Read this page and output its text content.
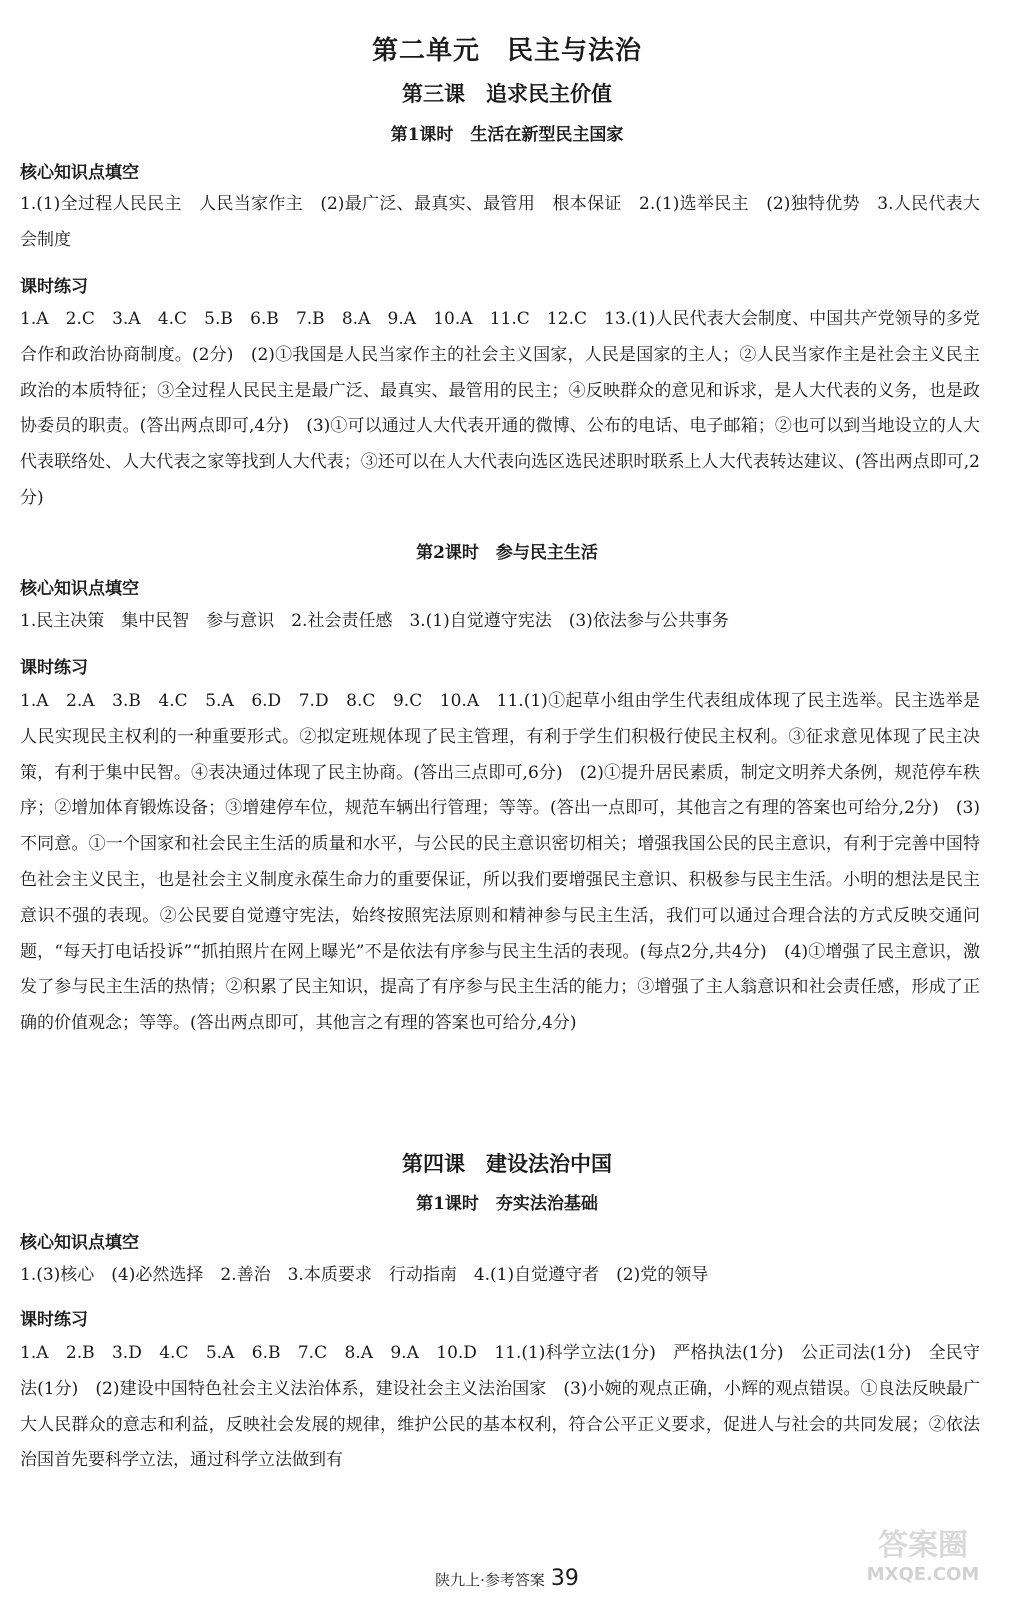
第二单元　民主与法治
第三课　追求民主价值
第1课时　生活在新型民主国家
核心知识点填空
1.(1)全过程人民民主　人民当家作主　(2)最广泛、最真实、最管用　根本保证　2.(1)选举民主　(2)独特优势　3.人民代表大会制度
课时练习
1.A　2.C　3.A　4.C　5.B　6.B　7.B　8.A　9.A　10.A　11.C　12.C　13.(1)人民代表大会制度、中国共产党领导的多党合作和政治协商制度。(2分)　(2)①我国是人民当家作主的社会主义国家，人民是国家的主人；②人民当家作主是社会主义民主政治的本质特征；③全过程人民民主是最广泛、最真实、最管用的民主；④反映群众的意见和诉求，是人大代表的义务，也是政协委员的职责。(答出两点即可,4分)　(3)①可以通过人大代表开通的微博、公布的电话、电子邮箱；②也可以到当地设立的人大代表联络处、人大代表之家等找到人大代表；③还可以在人大代表向选区选民述职时联系上人大代表转达建议、(答出两点即可,2分)
第2课时　参与民主生活
核心知识点填空
1.民主决策　集中民智　参与意识　2.社会责任感　3.(1)自觉遵守宪法　(3)依法参与公共事务
课时练习
1.A　2.A　3.B　4.C　5.A　6.D　7.D　8.C　9.C　10.A　11.(1)①起草小组由学生代表组成体现了民主选举。民主选举是人民实现民主权利的一种重要形式。②拟定班规体现了民主管理，有利于学生们积极行使民主权利。③征求意见体现了民主决策，有利于集中民智。④表决通过体现了民主协商。(答出三点即可,6分)　(2)①提升居民素质，制定文明养犬条例，规范停车秩序；②增加体育锻炼设备；③增建停车位，规范车辆出行管理；等等。(答出一点即可，其他言之有理的答案也可给分,2分)　(3)不同意。①一个国家和社会民主生活的质量和水平，与公民的民主意识密切相关；增强我国公民的民主意识，有利于完善中国特色社会主义民主，也是社会主义制度永葆生命力的重要保证，所以我们要增强民主意识、积极参与民主生活。小明的想法是民主意识不强的表现。②公民要自觉遵守宪法，始终按照宪法原则和精神参与民主生活，我们可以通过合理合法的方式反映交通问题，“每天打电话投诉”“抓拍照片在网上曝光”不是依法有序参与民主生活的表现。(每点2分,共4分)　(4)①增强了民主意识，激发了参与民主生活的热情；②积累了民主知识，提高了有序参与民主生活的能力；③增强了主人翁意识和社会责任感，形成了正确的价值观念；等等。(答出两点即可，其他言之有理的答案也可给分,4分)
第四课　建设法治中国
第1课时　夯实法治基础
核心知识点填空
1.(3)核心　(4)必然选择　2.善治　3.本质要求　行动指南　4.(1)自觉遵守者　(2)党的领导
课时练习
1.A　2.B　3.D　4.C　5.A　6.B　7.C　8.A　9.A　10.D　11.(1)科学立法(1分)　严格执法(1分)　公正司法(1分)　全民守法(1分)　(2)建设中国特色社会主义法治体系，建设社会主义法治国家　(3)小婉的观点正确，小辉的观点错误。①良法反映最广大人民群众的意志和利益，反映社会发展的规律，维护公民的基本权利，符合公平正义要求，促进人与社会的共同发展；②依法治国首先要科学立法，通过科学立法做到有
陕九上·参考答案 39
答案圈
MXQE.COM
